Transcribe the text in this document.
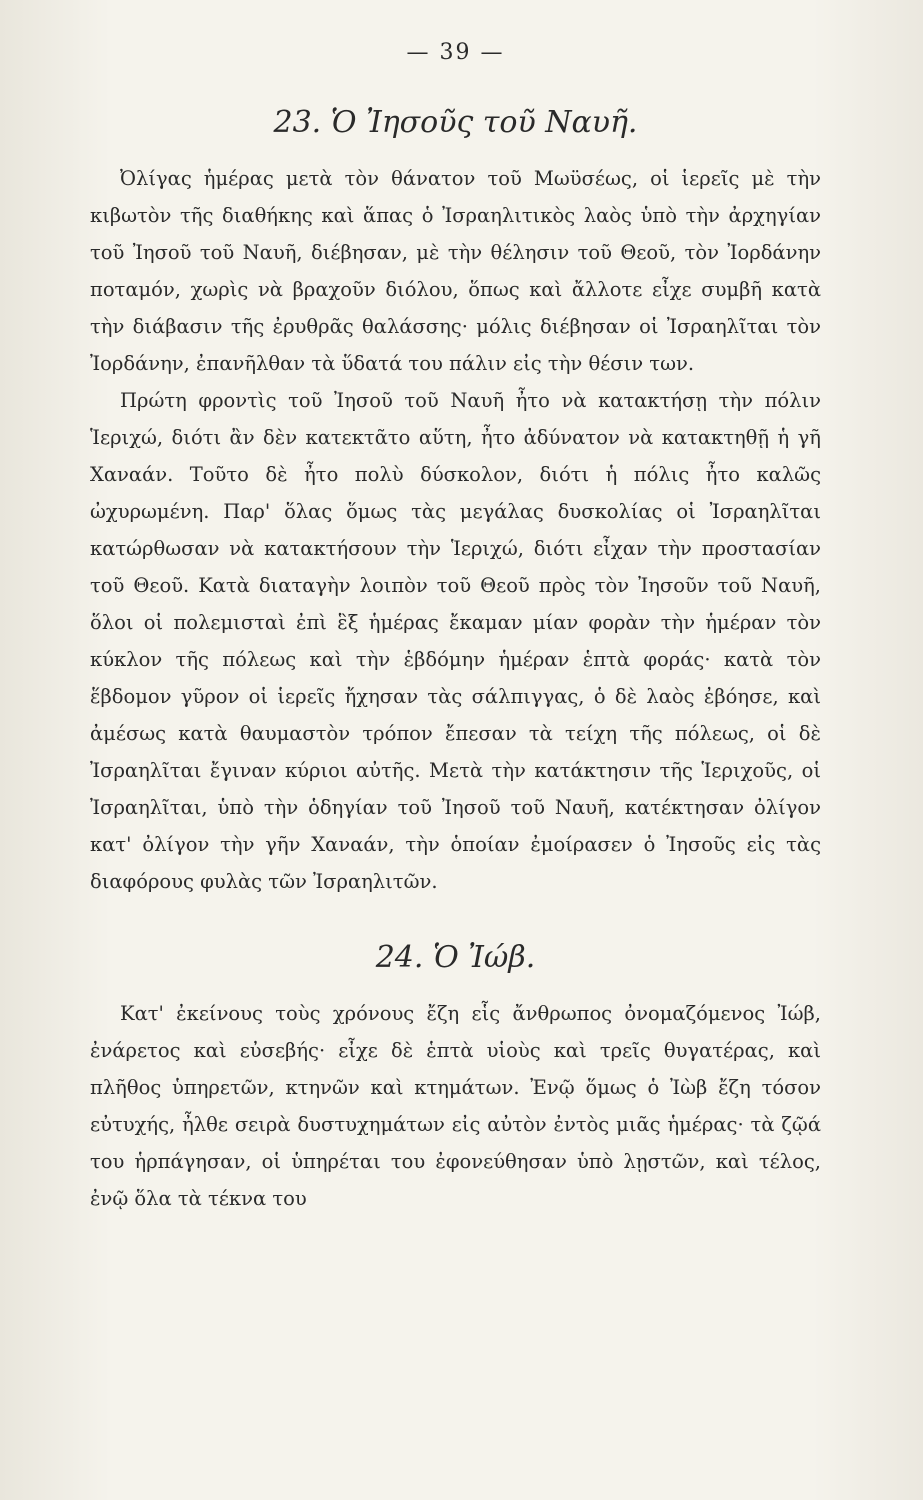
— 39 —
23. Ὁ Ἰησοῦς τοῦ Ναυῆ.

Ὀλίγας ἡμέρας μετὰ τὸν θάνατον τοῦ Μωϋσέως, οἱ ἱερεῖς μὲ τὴν κιβωτὸν τῆς διαθήκης καὶ ἅπας ὁ Ἰσραηλιτικὸς λαὸς ὑπὸ τὴν ἀρχηγίαν τοῦ Ἰησοῦ τοῦ Ναυῆ, διέβησαν, μὲ τὴν θέλησιν τοῦ Θεοῦ, τὸν Ἰορδάνην ποταμόν, χωρὶς νὰ βραχοῦν διόλου, ὅπως καὶ ἄλλοτε εἶχε συμβῆ κατὰ τὴν διάβασιν τῆς ἐρυθρᾶς θαλάσσης· μόλις διέβησαν οἱ Ἰσραηλῖται τὸν Ἰορδάνην, ἐπανῆλθαν τὰ ὕδατά του πάλιν εἰς τὴν θέσιν των.

Πρώτη φροντὶς τοῦ Ἰησοῦ τοῦ Ναυῆ ἦτο νὰ κατακτήσῃ τὴν πόλιν Ἱεριχώ, διότι ἂν δὲν κατεκτᾶτο αὕτη, ἦτο ἀδύνατον νὰ κατακτηθῇ ἡ γῆ Χαναάν. Τοῦτο δὲ ἦτο πολὺ δύσκολον, διότι ἡ πόλις ἦτο καλῶς ὠχυρωμένη. Παρ' ὅλας ὅμως τὰς μεγάλας δυσκολίας οἱ Ἰσραηλῖται κατώρθωσαν νὰ κατακτήσουν τὴν Ἱεριχώ, διότι εἶχαν τὴν προστασίαν τοῦ Θεοῦ. Κατὰ διαταγὴν λοιπὸν τοῦ Θεοῦ πρὸς τὸν Ἰησοῦν τοῦ Ναυῆ, ὅλοι οἱ πολεμισταὶ ἐπὶ ἓξ ἡμέρας ἔκαμαν μίαν φορὰν τὴν ἡμέραν τὸν κύκλον τῆς πόλεως καὶ τὴν ἑβδόμην ἡμέραν ἑπτὰ φοράς· κατὰ τὸν ἕβδομον γῦρον οἱ ἱερεῖς ἤχησαν τὰς σάλπιγγας, ὁ δὲ λαὸς ἐβόησε, καὶ ἀμέσως κατὰ θαυμαστὸν τρόπον ἔπεσαν τὰ τείχη τῆς πόλεως, οἱ δὲ Ἰσραηλῖται ἔγιναν κύριοι αὐτῆς. Μετὰ τὴν κατάκτησιν τῆς Ἱεριχοῦς, οἱ Ἰσραηλῖται, ὑπὸ τὴν ὁδηγίαν τοῦ Ἰησοῦ τοῦ Ναυῆ, κατέκτησαν ὀλίγον κατ' ὀλίγον τὴν γῆν Χαναάν, τὴν ὁποίαν ἐμοίρασεν ὁ Ἰησοῦς εἰς τὰς διαφόρους φυλὰς τῶν Ἰσραηλιτῶν.

24. Ὁ Ἰώβ.

Κατ' ἐκείνους τοὺς χρόνους ἔζη εἷς ἄνθρωπος ὀνομαζόμενος Ἰώβ, ἐνάρετος καὶ εὐσεβής· εἶχε δὲ ἑπτὰ υἱοὺς καὶ τρεῖς θυγατέρας, καὶ πλῆθος ὑπηρετῶν, κτηνῶν καὶ κτημάτων. Ἐνῷ ὅμως ὁ Ἰὼβ ἔζη τόσον εὐτυχής, ἦλθε σειρὰ δυστυχημάτων εἰς αὐτὸν ἐντὸς μιᾶς ἡμέρας· τὰ ζῷά του ἡρπάγησαν, οἱ ὑπηρέται του ἐφονεύθησαν ὑπὸ λῃστῶν, καὶ τέλος, ἐνῷ ὅλα τὰ τέκνα του
